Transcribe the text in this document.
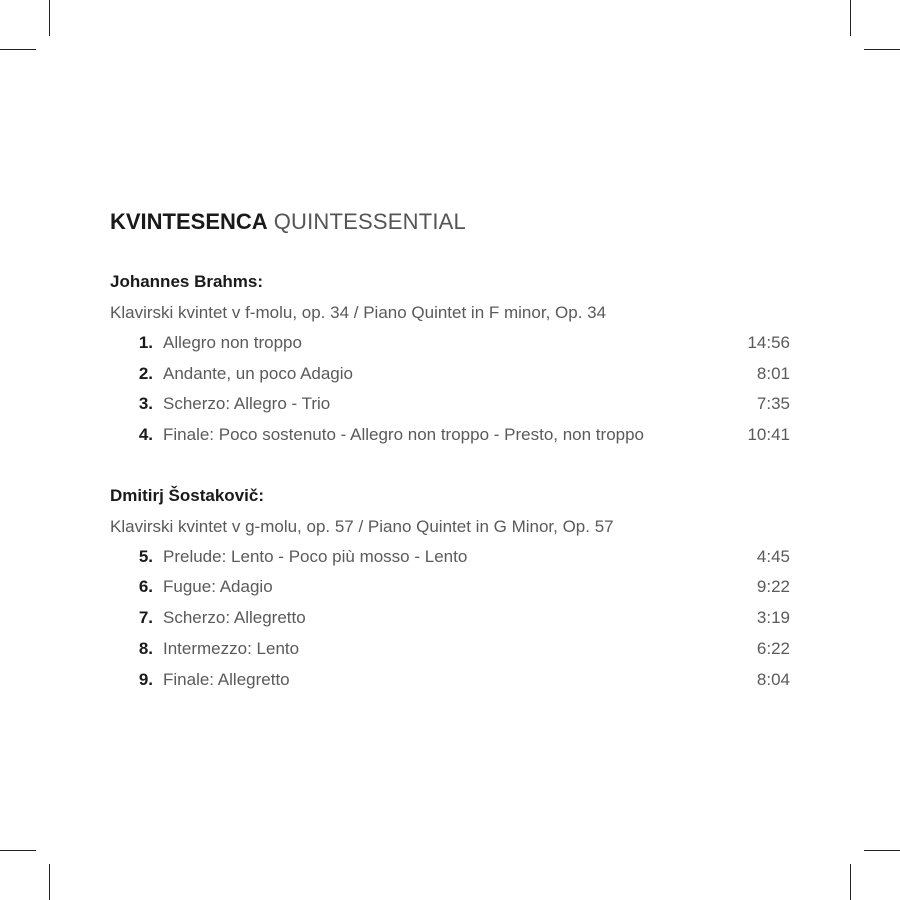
KVINTESENCA QUINTESSENTIAL
Johannes Brahms:
Klavirski kvintet v f-molu, op. 34 / Piano Quintet in F minor, Op. 34
1. Allegro non troppo	14:56
2. Andante, un poco Adagio	8:01
3. Scherzo: Allegro - Trio	7:35
4. Finale: Poco sostenuto - Allegro non troppo - Presto, non troppo	10:41
Dmitirj Šostakovič:
Klavirski kvintet v g-molu, op. 57 / Piano Quintet in G Minor, Op. 57
5. Prelude: Lento - Poco più mosso - Lento	4:45
6. Fugue: Adagio	9:22
7. Scherzo: Allegretto	3:19
8. Intermezzo: Lento	6:22
9. Finale: Allegretto	8:04
